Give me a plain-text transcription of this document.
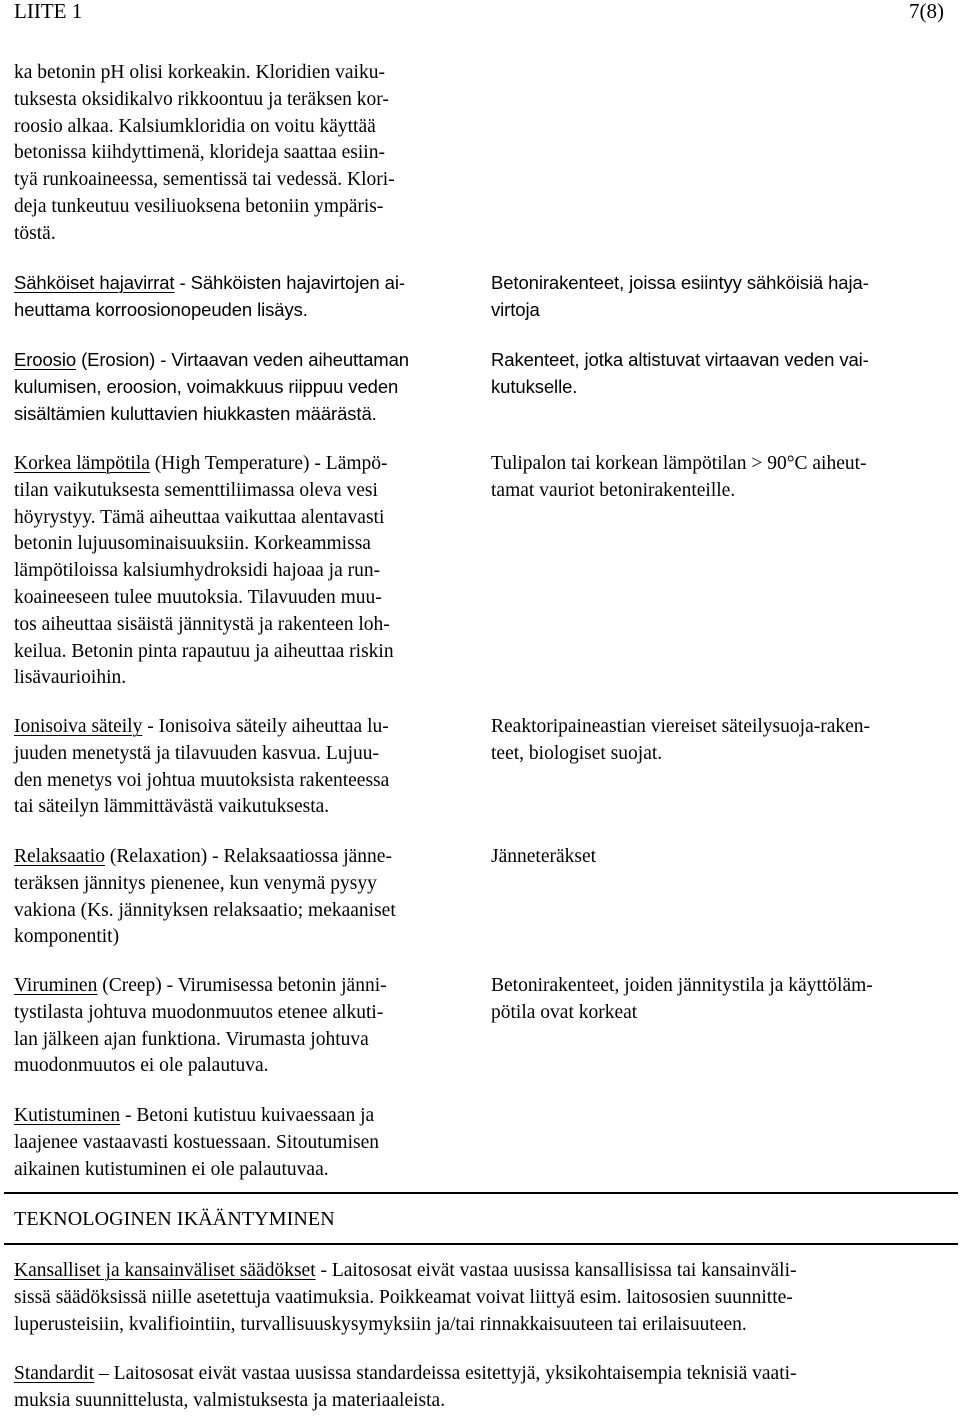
LIITE 1	7(8)

ka betonin pH olisi korkeakin. Kloridien vaiku-
tuksesta oksidikalvo rikkoontuu ja teräksen kor-
roosio alkaa. Kalsiumkloridia on voitu käyttää
betonissa kiihdyttimenä, klorideja saattaa esiin-
tyä runkoaineessa, sementissä tai vedessä. Klori-
deja tunkeutuu vesiliuoksena betoniin ympäris-
töstä.

Sähköiset hajavirrat - Sähköisten hajavirtojen ai-
heuttama korroosionopeuden lisäys.

Betonirakenteet, joissa esiintyy sähköisiä haja-
virtoja

Eroosio (Erosion) - Virtaavan veden aiheuttaman
kulumisen, eroosion, voimakkuus riippuu veden
sisältämien kuluttavien hiukkasten määrästä.

Rakenteet, jotka altistuvat virtaavan veden vai-
kutukselle.

Korkea lämpötila (High Temperature) - Lämpö-
tilan vaikutuksesta sementtiliimassa oleva vesi
höyrystyy. Tämä aiheuttaa vaikuttaa alentavasti
betonin lujuusominaisuuksiin. Korkeammissa
lämpötiloissa kalsiumhydroksidi hajoaa ja run-
koaineeseen tulee muutoksia. Tilavuuden muu-
tos aiheuttaa sisäistä jännitystä ja rakenteen loh-
keilua. Betonin pinta rapautuu ja aiheuttaa riskin
lisävaurioihin.

Tulipalon tai korkean lämpötilan > 90°C aiheut-
tamat vauriot betonirakenteille.

Ionisoiva säteily - Ionisoiva säteily aiheuttaa lu-
juuden menetystä ja tilavuuden kasvua. Lujuu-
den menetys voi johtua muutoksista rakenteessa
tai säteilyn lämmittävästä vaikutuksesta.

Reaktoripaineastian viereiset säteilysuoja-raken-
teet, biologiset suojat.

Relaksaatio (Relaxation) - Relaksaatiossa jänne-
teräksen jännitys pienenee, kun venymä pysyy
vakiona (Ks. jännityksen relaksaatio; mekaaniset
komponentit)

Jänneteräkset

Viruminen (Creep) - Virumisessa betonin jänni-
tystilasta johtuva muodonmuutos etenee alkuti-
lan jälkeen ajan funktiona. Virumasta johtuva
muodonmuutos ei ole palautuva.

Betonirakenteet, joiden jännitystila ja käyttöläm-
pötila ovat korkeat

Kutistuminen - Betoni kutistuu kuivaessaan ja
laajenee vastaavasti kostuessaan. Sitoutumisen
aikainen kutistuminen ei ole palautuvaa.

TEKNOLOGINEN IKÄÄNTYMINEN

Kansalliset ja kansainväliset säädökset - Laitososat eivät vastaa uusissa kansallisissa tai kansainväli-
sissä säädöksissä niille asetettuja vaatimuksia. Poikkeamat voivat liittyä esim. laitososien suunnitte-
luperusteisiin, kvalifiointiin, turvallisuuskysymyksiin ja/tai rinnakkaisuuteen tai erilaisuuteen.

Standardit – Laitososat eivät vastaa uusissa standardeissa esitettyjä, yksikohtaisempia teknisiä vaati-
muksia suunnittelusta, valmistuksesta ja materiaaleista.
